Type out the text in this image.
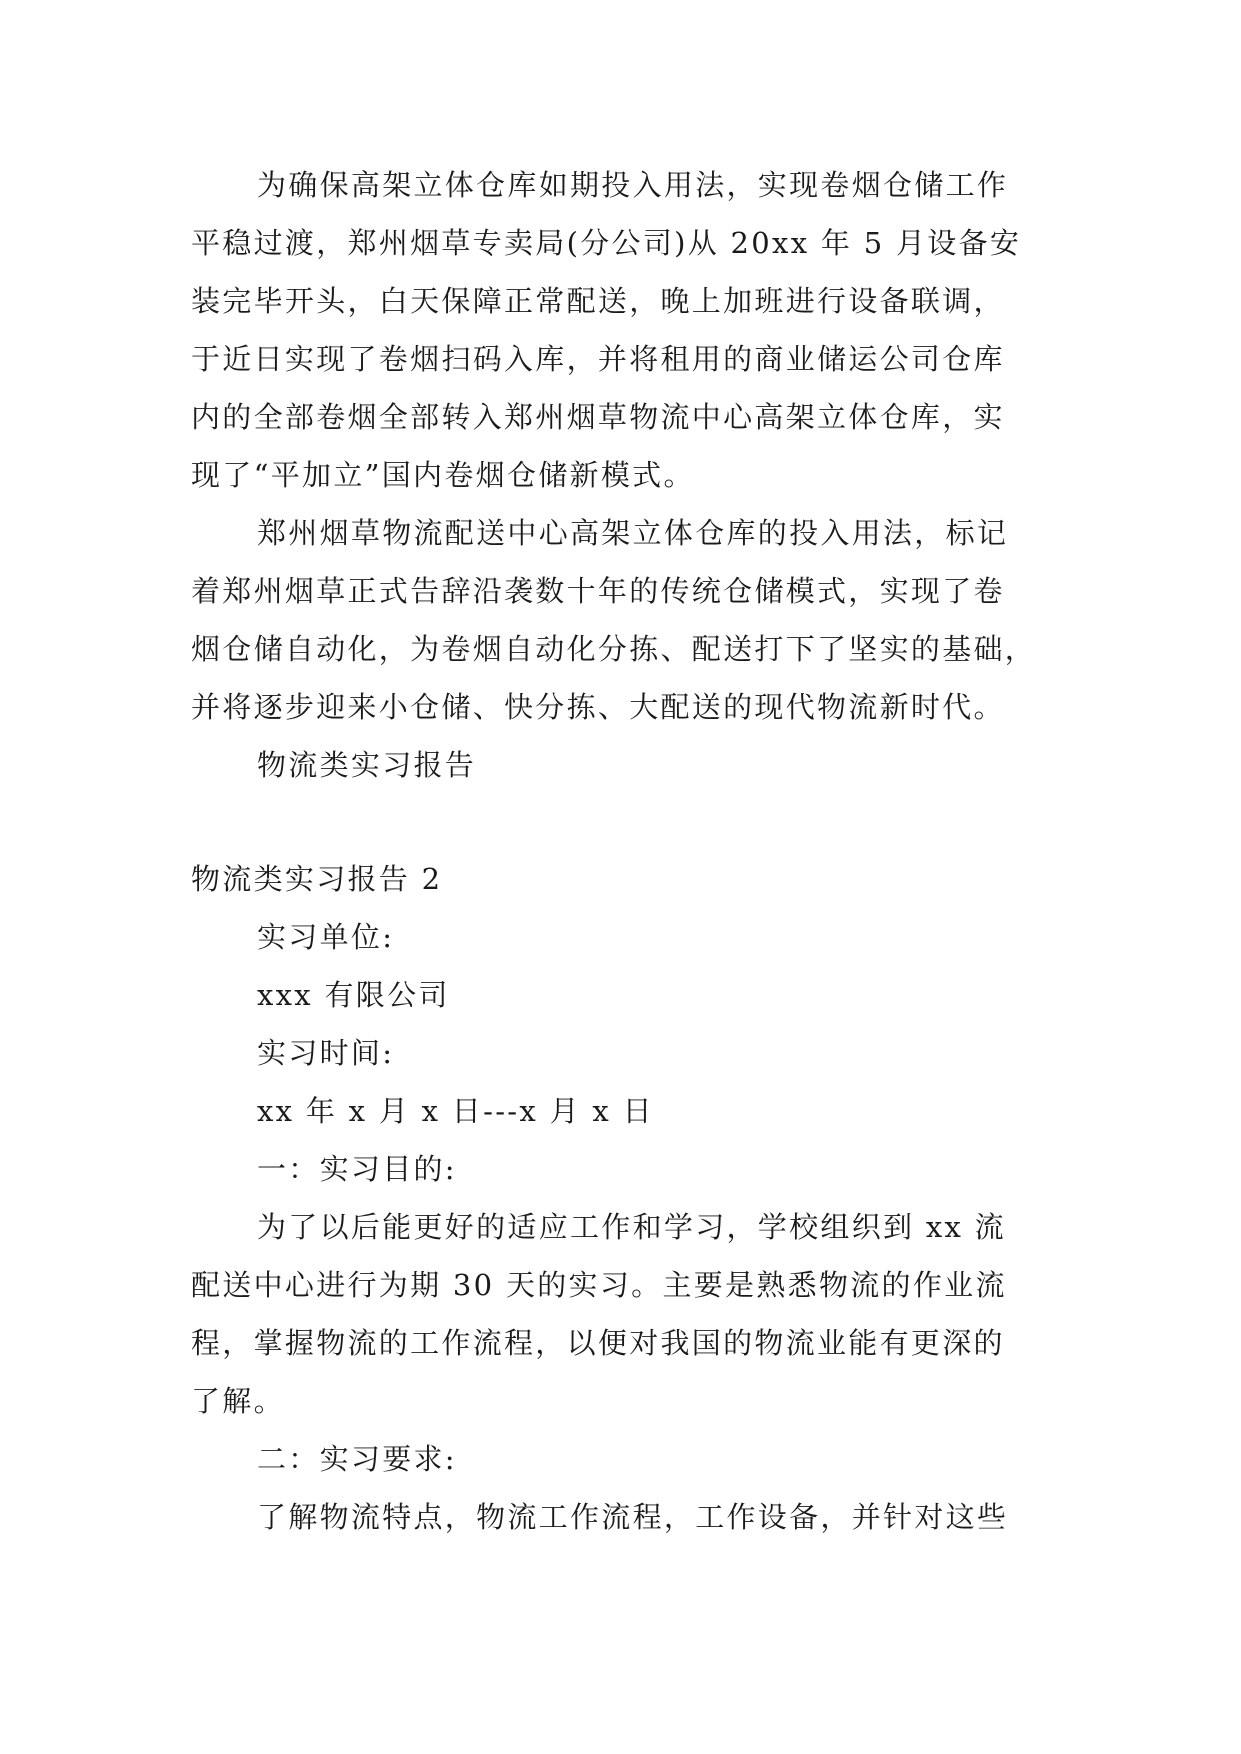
为确保高架立体仓库如期投入用法，实现卷烟仓储工作
平稳过渡，郑州烟草专卖局(分公司)从 20xx 年 5 月设备安
装完毕开头，白天保障正常配送，晚上加班进行设备联调，
于近日实现了卷烟扫码入库，并将租用的商业储运公司仓库
内的全部卷烟全部转入郑州烟草物流中心高架立体仓库，实
现了“平加立”国内卷烟仓储新模式。
郑州烟草物流配送中心高架立体仓库的投入用法，标记
着郑州烟草正式告辞沿袭数十年的传统仓储模式，实现了卷
烟仓储自动化，为卷烟自动化分拣、配送打下了坚实的基础，
并将逐步迎来小仓储、快分拣、大配送的现代物流新时代。
物流类实习报告
物流类实习报告 2
实习单位:
xxx 有限公司
实习时间:
xx 年 x 月 x 日---x 月 x 日
一：实习目的:
为了以后能更好的适应工作和学习，学校组织到 xx 流
配送中心进行为期 30 天的实习。主要是熟悉物流的作业流
程，掌握物流的工作流程，以便对我国的物流业能有更深的
了解。
二：实习要求:
了解物流特点，物流工作流程，工作设备，并针对这些
